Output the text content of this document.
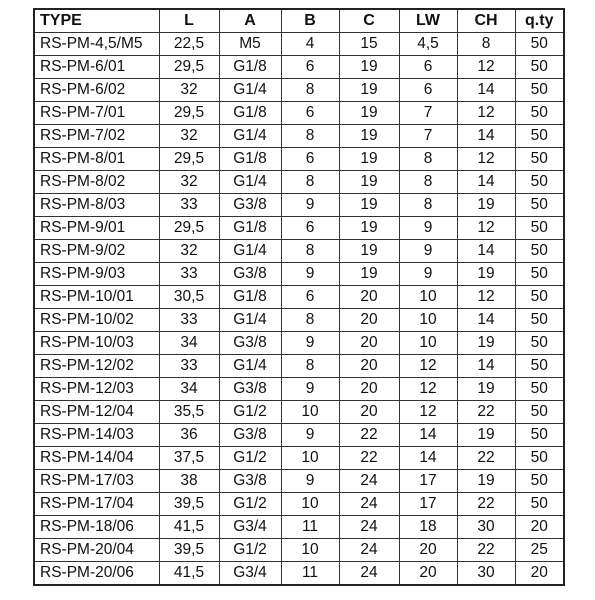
TYPE	L	A	B	C	LW	CH	q.ty
RS-PM-4,5/M5	22,5	M5	4	15	4,5	8	50
RS-PM-6/01	29,5	G1/8	6	19	6	12	50
RS-PM-6/02	32	G1/4	8	19	6	14	50
RS-PM-7/01	29,5	G1/8	6	19	7	12	50
RS-PM-7/02	32	G1/4	8	19	7	14	50
RS-PM-8/01	29,5	G1/8	6	19	8	12	50
RS-PM-8/02	32	G1/4	8	19	8	14	50
RS-PM-8/03	33	G3/8	9	19	8	19	50
RS-PM-9/01	29,5	G1/8	6	19	9	12	50
RS-PM-9/02	32	G1/4	8	19	9	14	50
RS-PM-9/03	33	G3/8	9	19	9	19	50
RS-PM-10/01	30,5	G1/8	6	20	10	12	50
RS-PM-10/02	33	G1/4	8	20	10	14	50
RS-PM-10/03	34	G3/8	9	20	10	19	50
RS-PM-12/02	33	G1/4	8	20	12	14	50
RS-PM-12/03	34	G3/8	9	20	12	19	50
RS-PM-12/04	35,5	G1/2	10	20	12	22	50
RS-PM-14/03	36	G3/8	9	22	14	19	50
RS-PM-14/04	37,5	G1/2	10	22	14	22	50
RS-PM-17/03	38	G3/8	9	24	17	19	50
RS-PM-17/04	39,5	G1/2	10	24	17	22	50
RS-PM-18/06	41,5	G3/4	11	24	18	30	20
RS-PM-20/04	39,5	G1/2	10	24	20	22	25
RS-PM-20/06	41,5	G3/4	11	24	20	30	20
